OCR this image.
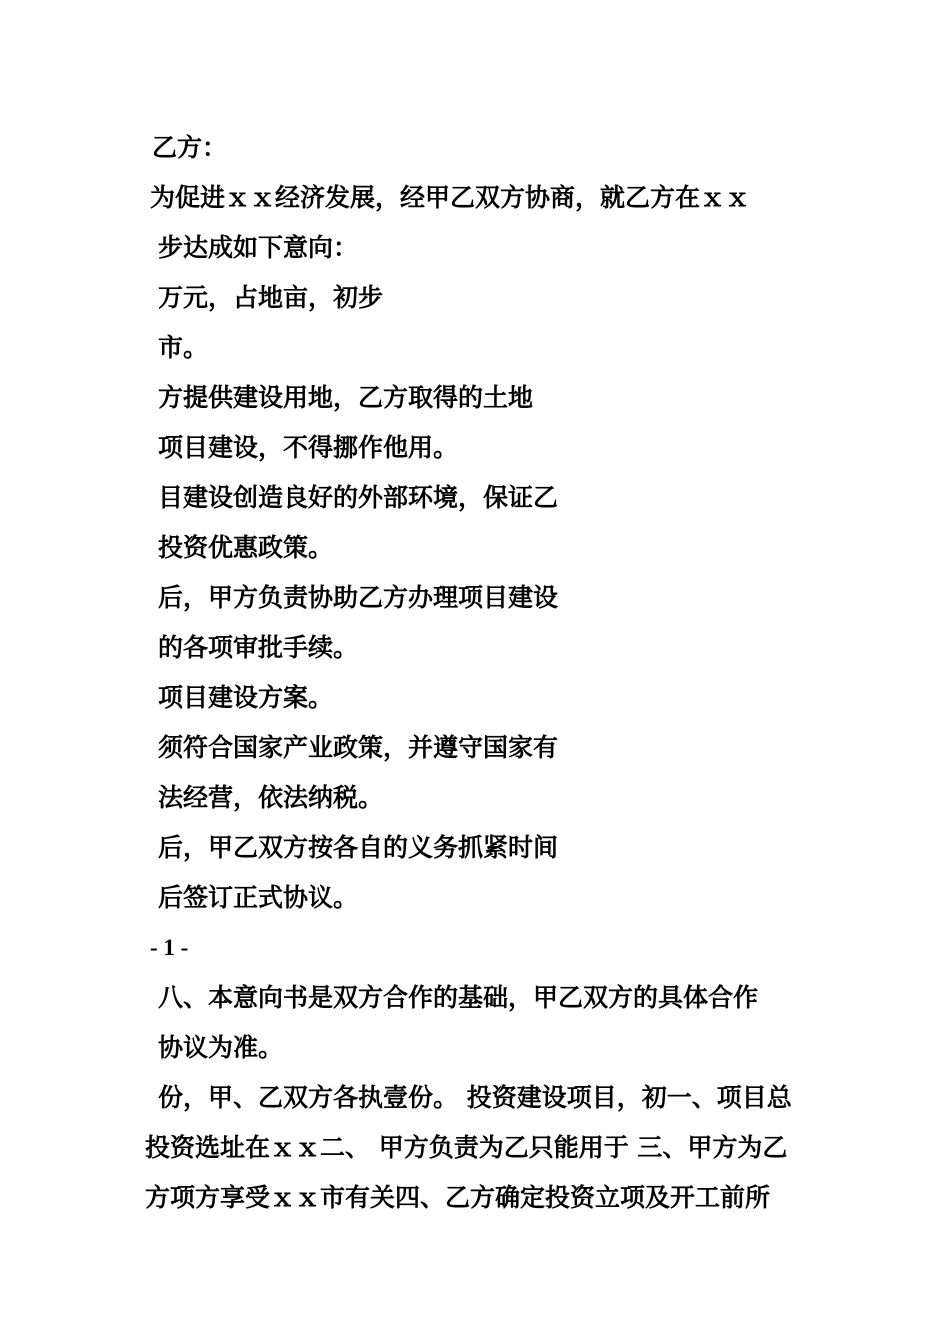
乙方：
为促进ｘｘ经济发展，经甲乙双方协商，就乙方在ｘｘ
步达成如下意向：
万元，占地亩，初步
市。
方提供建设用地，乙方取得的土地
项目建设，不得挪作他用。
目建设创造良好的外部环境，保证乙
投资优惠政策。
后，甲方负责协助乙方办理项目建设
的各项审批手续。
项目建设方案。
须符合国家产业政策，并遵守国家有
法经营，依法纳税。
后，甲乙双方按各自的义务抓紧时间
后签订正式协议。
- 1 -
八、本意向书是双方合作的基础，甲乙双方的具体合作
协议为准。
份，甲、乙双方各执壹份。 投资建设项目，初一、项目总
投资选址在ｘｘ二、 甲方负责为乙只能用于 三、甲方为乙
方项方享受ｘｘ市有关四、乙方确定投资立项及开工前所
